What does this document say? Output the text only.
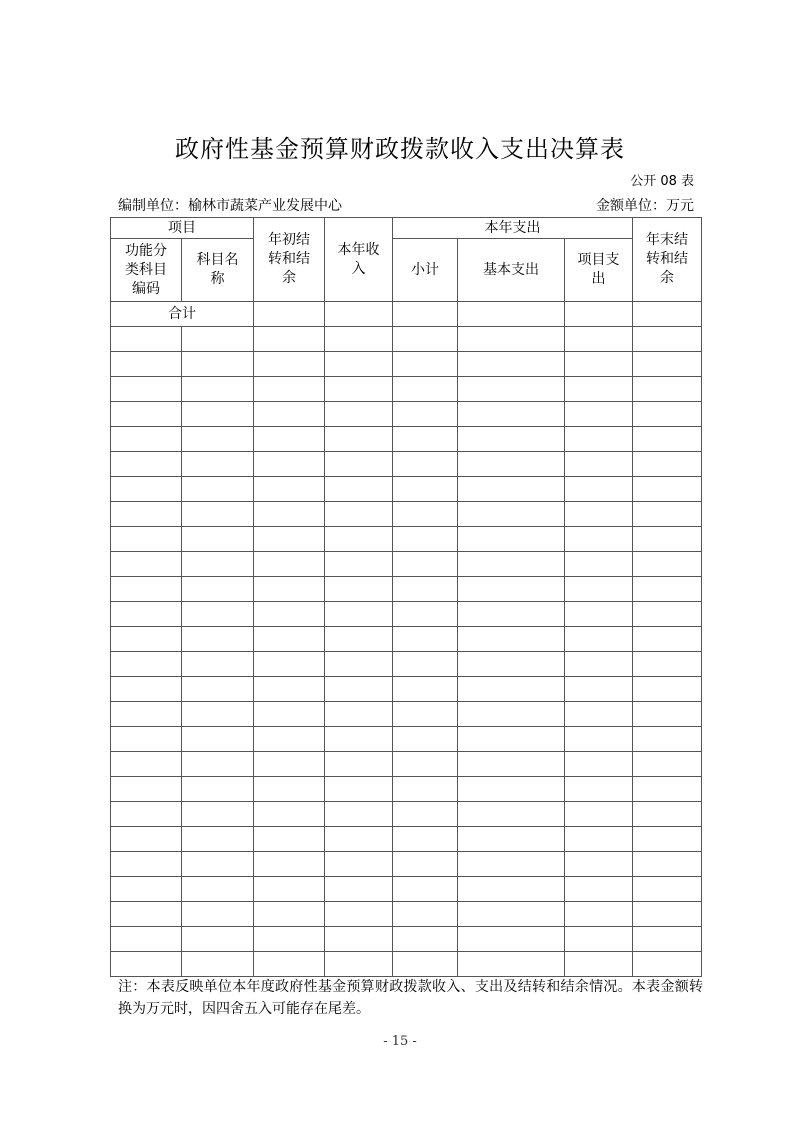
政府性基金预算财政拨款收入支出决算表
公开 08 表
编制单位：榆林市蔬菜产业发展中心	金额单位：万元
项目		年初结转和结余	本年收入	本年支出			年末结转和结余
功能分类科目编码	科目名称			小计	基本支出	项目支出	
合计							

注：本表反映单位本年度政府性基金预算财政拨款收入、支出及结转和结余情况。本表金额转换为万元时，因四舍五入可能存在尾差。
- 15 -
